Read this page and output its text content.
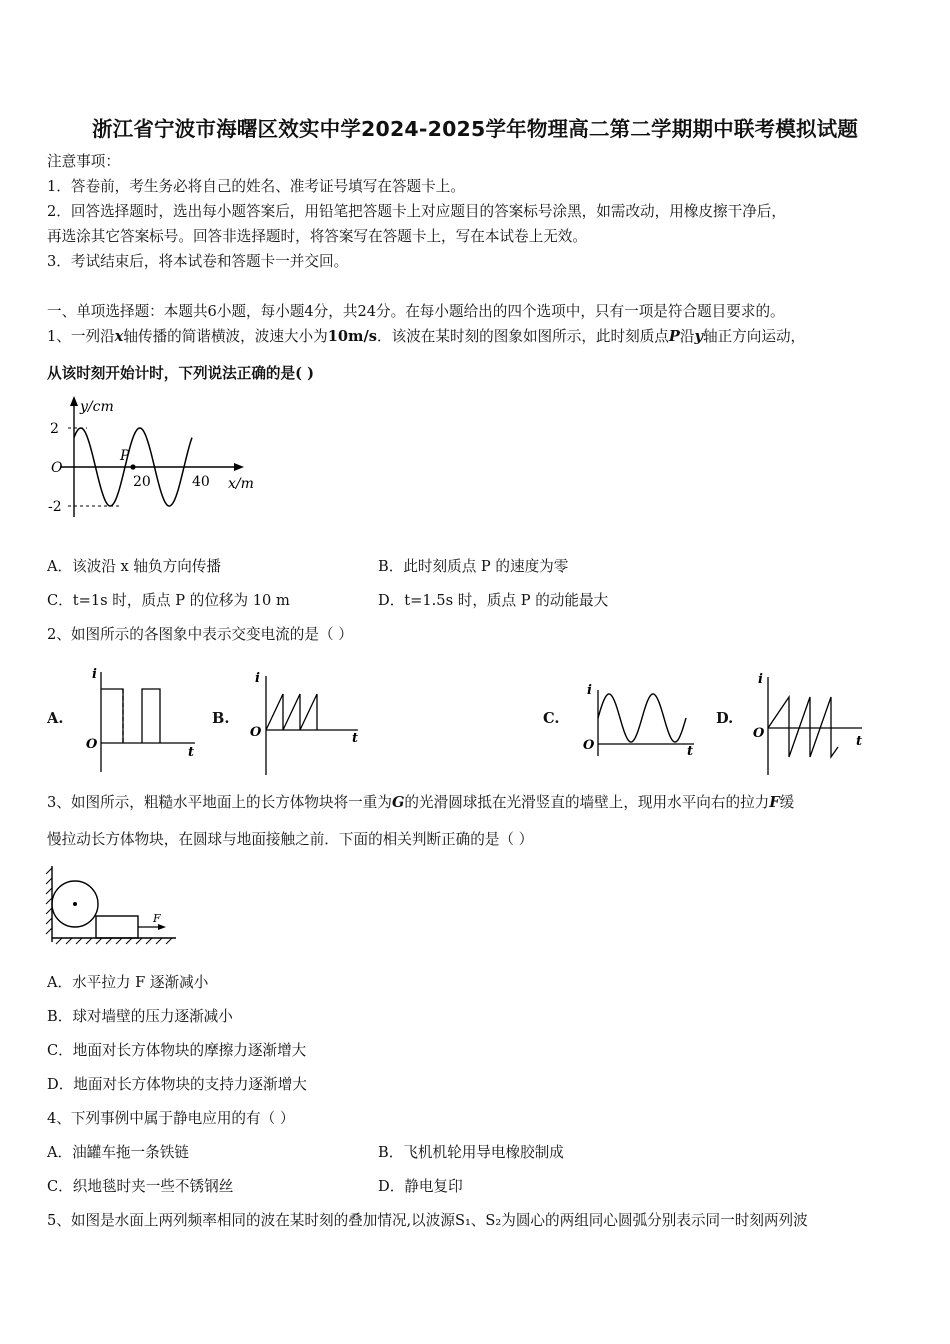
浙江省宁波市海曙区效实中学2024-2025学年物理高二第二学期期中联考模拟试题
注意事项：
1．答卷前，考生务必将自己的姓名、准考证号填写在答题卡上。
2．回答选择题时，选出每小题答案后，用铅笔把答题卡上对应题目的答案标号涂黑，如需改动，用橡皮擦干净后，
再选涂其它答案标号。回答非选择题时，将答案写在答题卡上，写在本试卷上无效。
3．考试结束后，将本试卷和答题卡一并交回。
一、单项选择题：本题共6小题，每小题4分，共24分。在每小题给出的四个选项中，只有一项是符合题目要求的。
1、一列沿x轴传播的简谐横波，波速大小为10m/s．该波在某时刻的图象如图所示，此时刻质点P沿y轴正方向运动，
从该时刻开始计时，下列说法正确的是( )
y/cm
2
O
-2
P
20	40 x/m
A．该波沿 x 轴负方向传播	B．此时刻质点 P 的速度为零
C．t=1s 时，质点 P 的位移为 10 m	D．t=1.5s 时，质点 P 的动能最大
2、如图所示的各图象中表示交变电流的是（ ）
A.
i
O
t
B.
i
O	t
C.
i
O	t
D.
i
O
t
3、如图所示，粗糙水平地面上的长方体物块将一重为G的光滑圆球抵在光滑竖直的墙壁上，现用水平向右的拉力F缓
慢拉动长方体物块，在圆球与地面接触之前．下面的相关判断正确的是（ ）
F
A．水平拉力 F 逐渐减小
B．球对墙壁的压力逐渐减小
C．地面对长方体物块的摩擦力逐渐增大
D．地面对长方体物块的支持力逐渐增大
4、下列事例中属于静电应用的有（ ）
A．油罐车拖一条铁链	B．飞机机轮用导电橡胶制成
C．织地毯时夹一些不锈钢丝	D．静电复印
5、如图是水面上两列频率相同的波在某时刻的叠加情况,以波源S₁、S₂为圆心的两组同心圆弧分别表示同一时刻两列波
